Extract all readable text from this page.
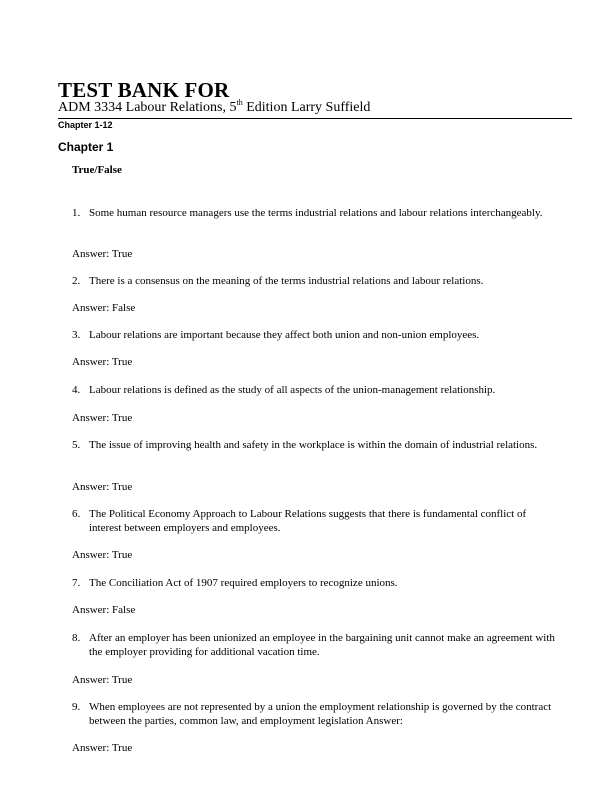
TEST BANK FOR
ADM 3334 Labour Relations, 5th Edition Larry Suffield
Chapter 1-12
Chapter 1
True/False
1. Some human resource managers use the terms industrial relations and labour relations interchangeably.
Answer: True
2. There is a consensus on the meaning of the terms industrial relations and labour relations.
Answer: False
3. Labour relations are important because they affect both union and non-union employees.
Answer: True
4. Labour relations is defined as the study of all aspects of the union-management relationship.
Answer: True
5. The issue of improving health and safety in the workplace is within the domain of industrial relations.
Answer: True
6. The Political Economy Approach to Labour Relations suggests that there is fundamental conflict of interest between employers and employees.
Answer: True
7. The Conciliation Act of 1907 required employers to recognize unions.
Answer: False
8. After an employer has been unionized an employee in the bargaining unit cannot make an agreement with the employer providing for additional vacation time.
Answer: True
9. When employees are not represented by a union the employment relationship is governed by the contract between the parties, common law, and employment legislation Answer:
Answer: True
